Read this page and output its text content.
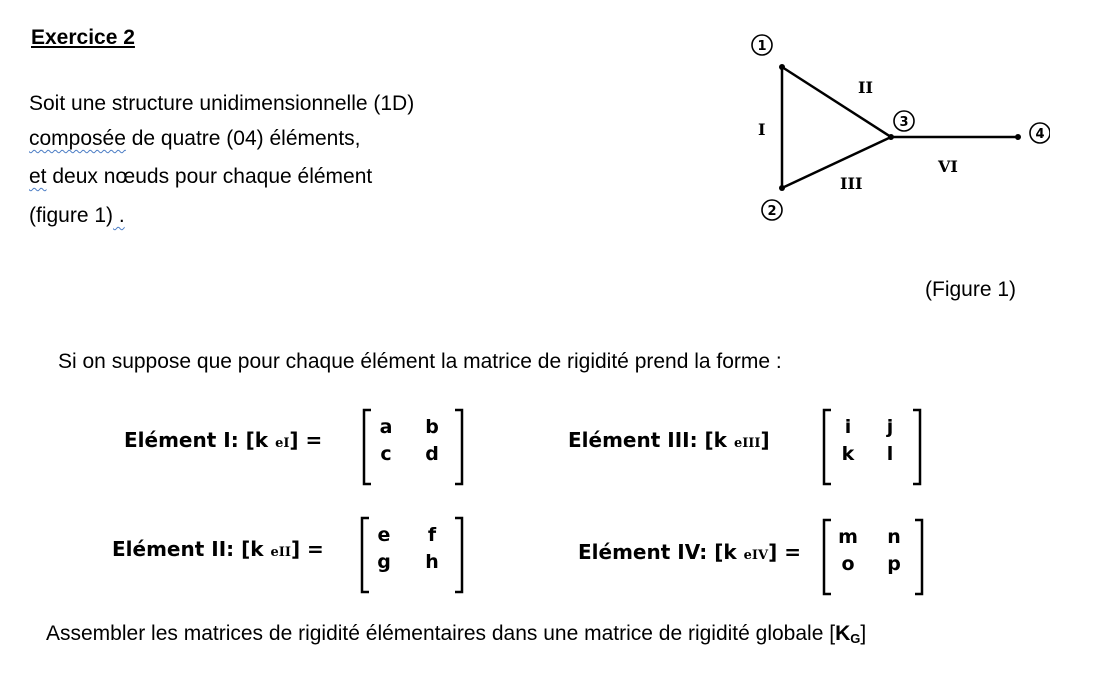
Exercice 2
Soit une structure unidimensionnelle (1D)
composée de quatre (04) éléments,
et deux nœuds pour chaque élément
(figure 1) .
1
2
3
4
I
II
III
VI
(Figure 1)
Si on suppose que pour chaque élément la matrice de rigidité prend la forme :
Elément I: [k eI] =
a b
c d
Elément III: [k eIII]
i	j
k	l
Elément II: [k eII] =
e	f
g h	Elément IV: [k eIV] =
m n
o p
Assembler les matrices de rigidité élémentaires dans une matrice de rigidité globale $[K_G]$
